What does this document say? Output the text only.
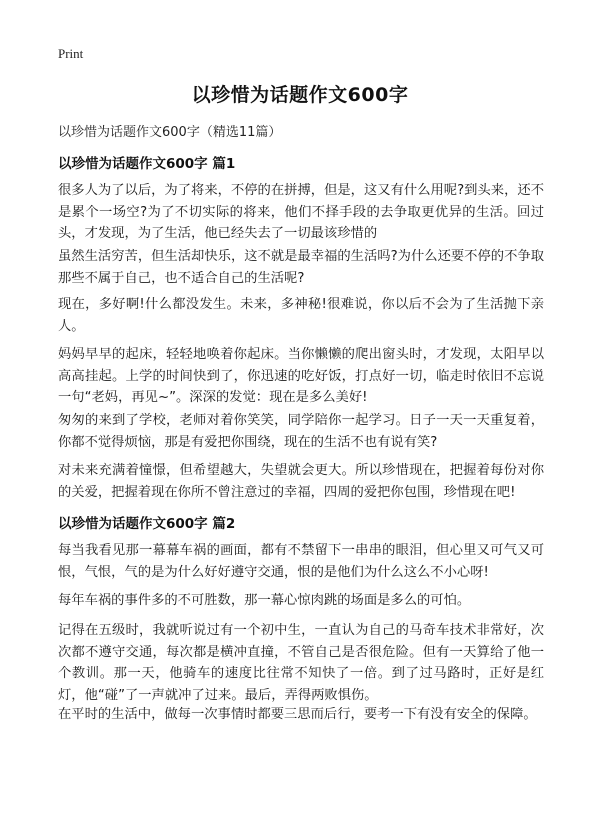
Print
以珍惜为话题作文600字
以珍惜为话题作文600字（精选11篇）
以珍惜为话题作文600字 篇1
很多人为了以后，为了将来，不停的在拼搏，但是，这又有什么用呢?到头来，还不是累个一场空?为了不切实际的将来，他们不择手段的去争取更优异的生活。回过头，才发现，为了生活，他已经失去了一切最该珍惜的
虽然生活穷苦，但生活却快乐，这不就是最幸福的生活吗?为什么还要不停的不争取那些不属于自己，也不适合自己的生活呢?
现在，多好啊!什么都没发生。未来，多神秘!很难说，你以后不会为了生活抛下亲人。
妈妈早早的起床，轻轻地唤着你起床。当你懒懒的爬出窗头时，才发现，太阳早以高高挂起。上学的时间快到了，你迅速的吃好饭，打点好一切，临走时依旧不忘说一句“老妈，再见~”。深深的发觉：现在是多么美好!
匆匆的来到了学校，老师对着你笑笑，同学陪你一起学习。日子一天一天重复着，你都不觉得烦恼，那是有爱把你围绕，现在的生活不也有说有笑?
对未来充满着憧憬，但希望越大，失望就会更大。所以珍惜现在，把握着每份对你的关爱，把握着现在你所不曾注意过的幸福，四周的爱把你包围，珍惜现在吧!
以珍惜为话题作文600字 篇2
每当我看见那一幕幕车祸的画面，都有不禁留下一串串的眼泪，但心里又可气又可恨，气恨，气的是为什么好好遵守交通，恨的是他们为什么这么不小心呀!
每年车祸的事件多的不可胜数，那一幕心惊肉跳的场面是多么的可怕。
记得在五级时，我就听说过有一个初中生，一直认为自己的马奇车技术非常好，次次都不遵守交通，每次都是横冲直撞，不管自己是否很危险。但有一天算给了他一个教训。那一天，他骑车的速度比往常不知快了一倍。到了过马路时，正好是红灯，他“碰”了一声就冲了过来。最后，弄得两败惧伤。
在平时的生活中，做每一次事情时都要三思而后行，要考一下有没有安全的保障。
